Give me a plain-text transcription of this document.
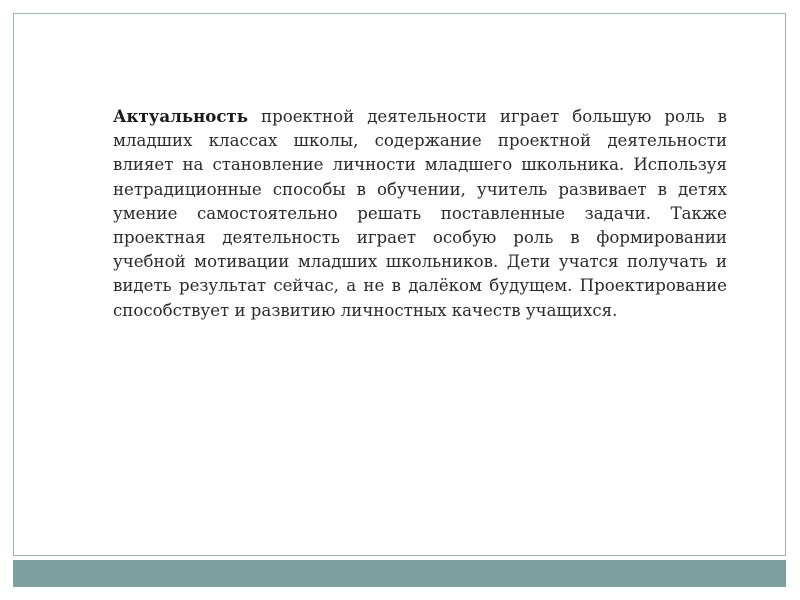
Актуальность проектной деятельности играет большую роль в младших классах школы, содержание проектной деятельности влияет на становление личности младшего школьника. Используя нетрадиционные способы в обучении, учитель развивает в детях умение самостоятельно решать поставленные задачи. Также проектная деятельность играет особую роль в формировании учебной мотивации младших школьников. Дети учатся получать и видеть результат сейчас, а не в далёком будущем. Проектирование способствует и развитию личностных качеств учащихся.
